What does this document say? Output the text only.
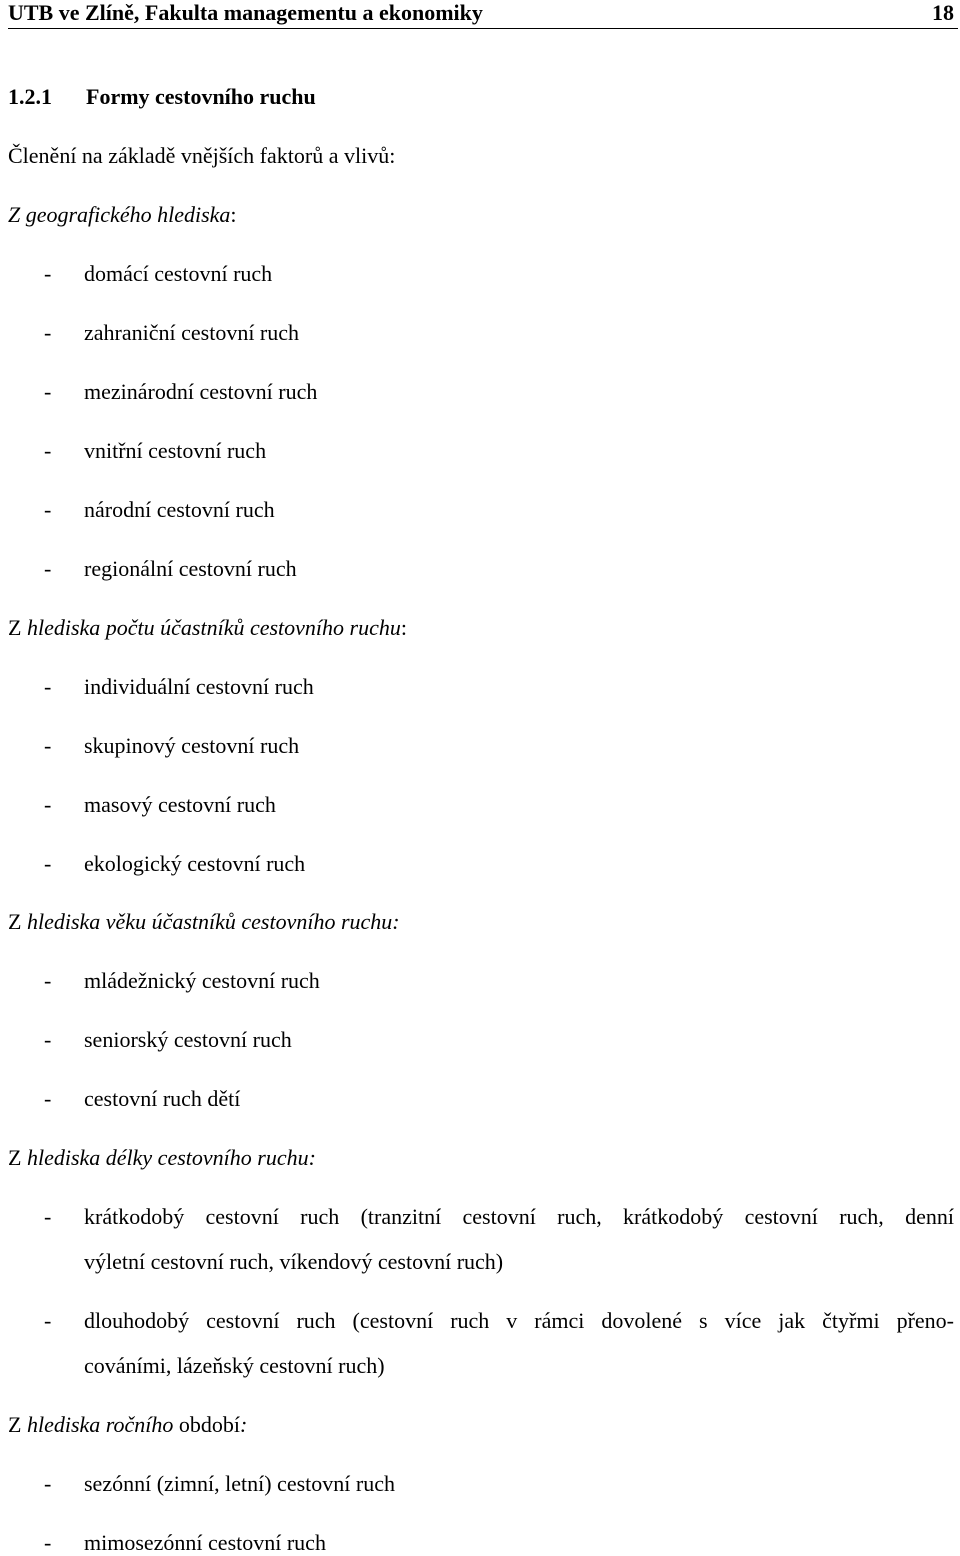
UTB ve Zlíně, Fakulta managementu a ekonomiky	18
1.2.1 Formy cestovního ruchu
Členění na základě vnějších faktorů a vlivů:
Z geografického hlediska:
- domácí cestovní ruch
- zahraniční cestovní ruch
- mezinárodní cestovní ruch
- vnitřní cestovní ruch
- národní cestovní ruch
- regionální cestovní ruch
Z hlediska počtu účastníků cestovního ruchu:
- individuální cestovní ruch
- skupinový cestovní ruch
- masový cestovní ruch
- ekologický cestovní ruch
Z hlediska věku účastníků cestovního ruchu:
- mládežnický cestovní ruch
- seniorský cestovní ruch
- cestovní ruch dětí
Z hlediska délky cestovního ruchu:
- krátkodobý cestovní ruch (tranzitní cestovní ruch, krátkodobý cestovní ruch, denní
výletní cestovní ruch, víkendový cestovní ruch)
- dlouhodobý cestovní ruch (cestovní ruch v rámci dovolené s více jak čtyřmi přeno-
cováními, lázeňský cestovní ruch)
Z hlediska ročního období:
- sezónní (zimní, letní) cestovní ruch
- mimosezónní cestovní ruch
